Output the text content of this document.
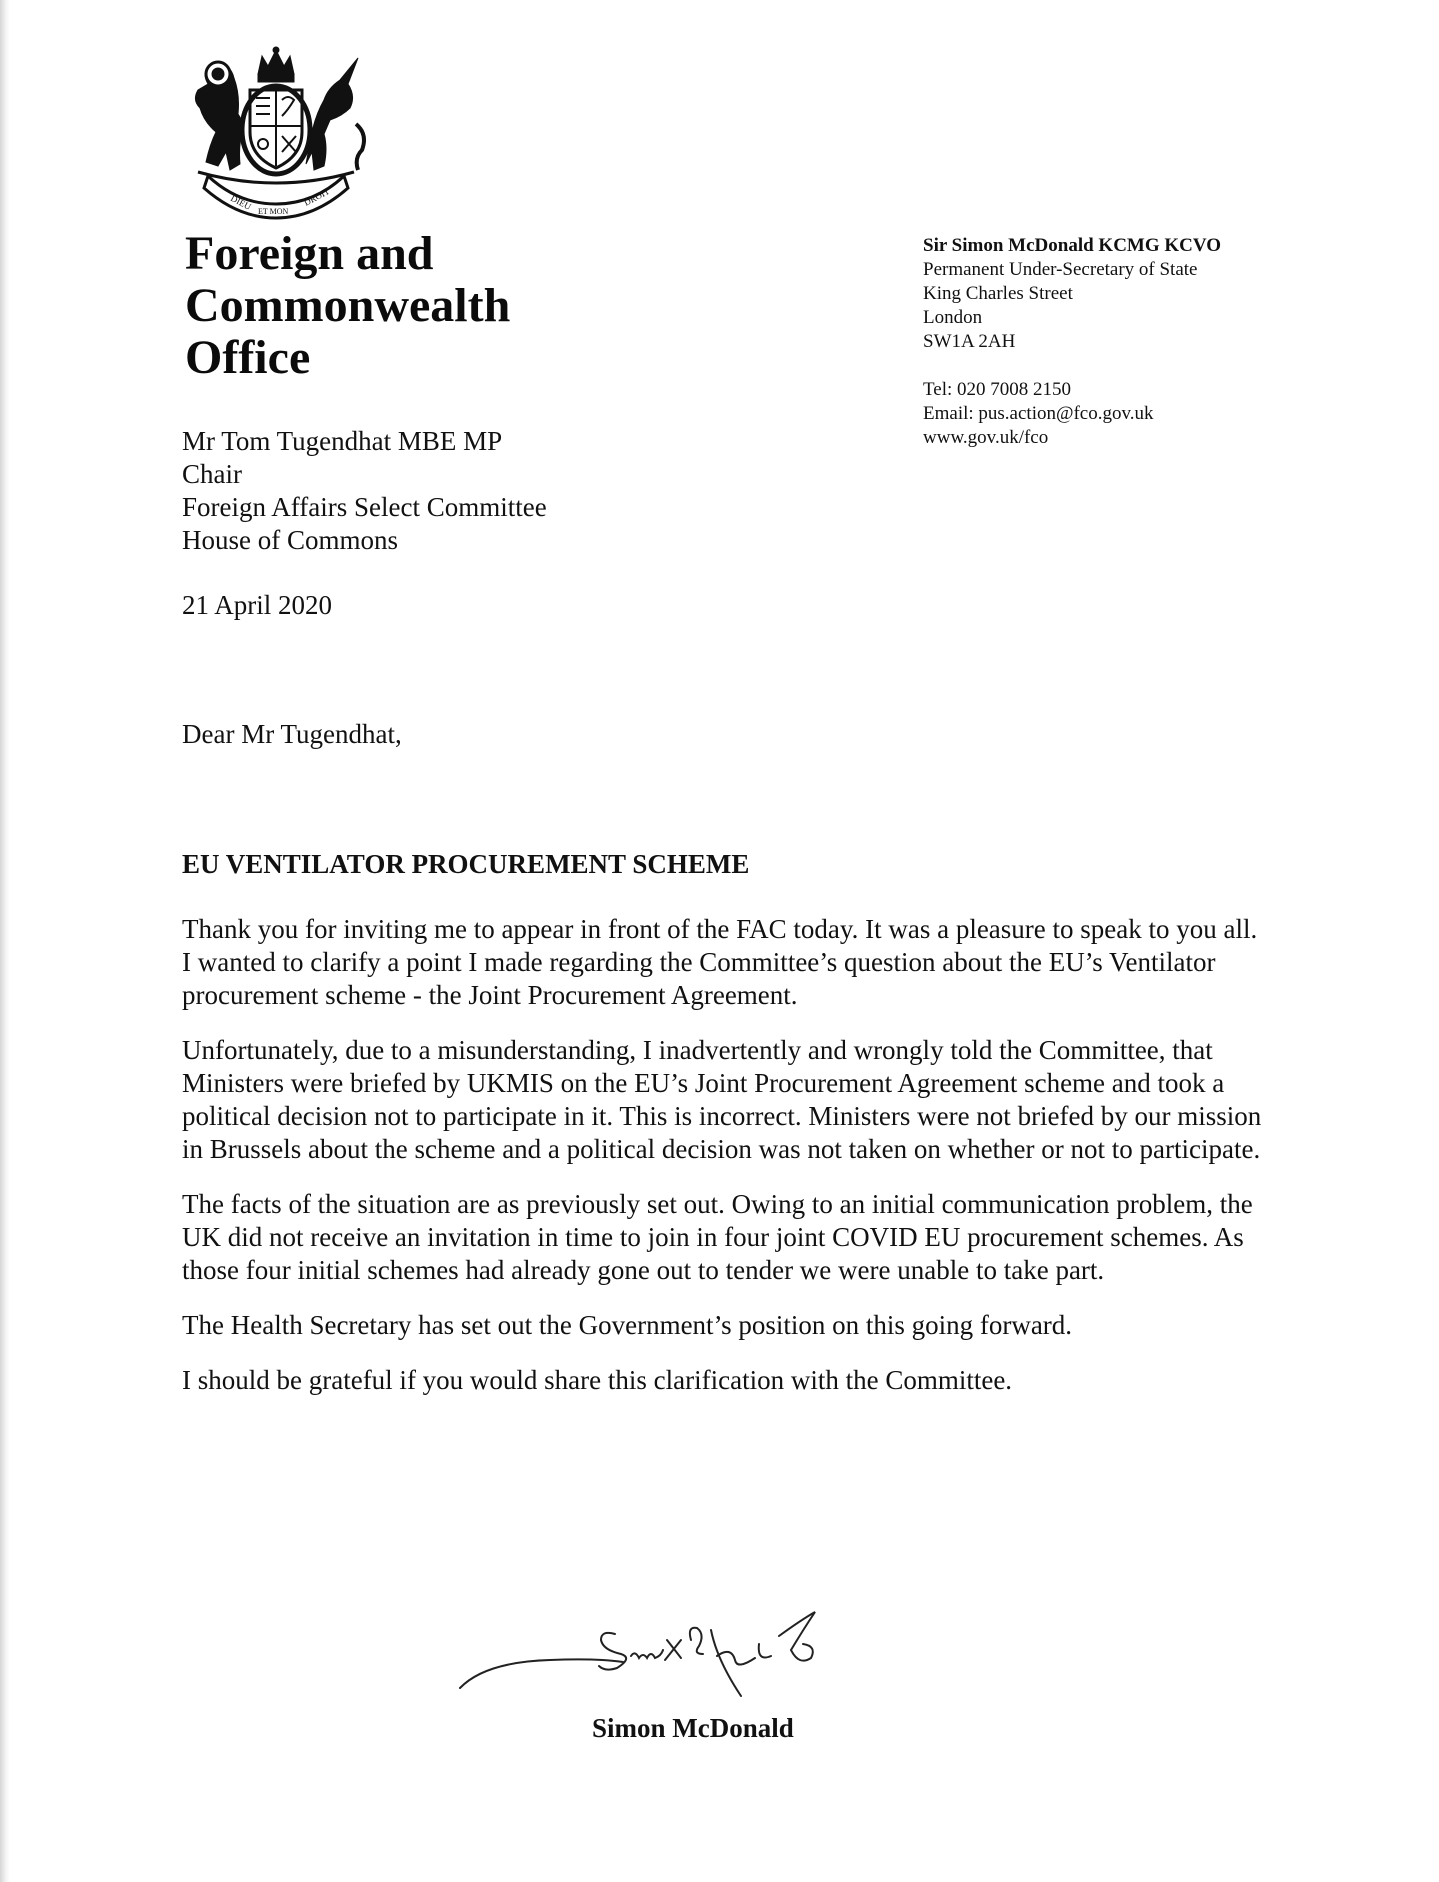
DIEU ET MON
DROIT
Foreign and
Commonwealth
Office
Sir Simon McDonald KCMG KCVO
Permanent Under-Secretary of State
King Charles Street
London
SW1A 2AH
Tel: 020 7008 2150
Email: pus.action@fco.gov.uk
www.gov.uk/fco
Mr Tom Tugendhat MBE MP
Chair
Foreign Affairs Select Committee
House of Commons
21 April 2020
Dear Mr Tugendhat,
EU VENTILATOR PROCUREMENT SCHEME

Thank you for inviting me to appear in front of the FAC today. It was a pleasure to speak to you all. I wanted to clarify a point I made regarding the Committee’s question about the EU’s Ventilator procurement scheme - the Joint Procurement Agreement.

Unfortunately, due to a misunderstanding, I inadvertently and wrongly told the Committee, that Ministers were briefed by UKMIS on the EU’s Joint Procurement Agreement scheme and took a political decision not to participate in it. This is incorrect. Ministers were not briefed by our mission in Brussels about the scheme and a political decision was not taken on whether or not to participate.

The facts of the situation are as previously set out. Owing to an initial communication problem, the UK did not receive an invitation in time to join in four joint COVID EU procurement schemes. As those four initial schemes had already gone out to tender we were unable to take part.

The Health Secretary has set out the Government’s position on this going forward.

I should be grateful if you would share this clarification with the Committee.

Simon McDonald
